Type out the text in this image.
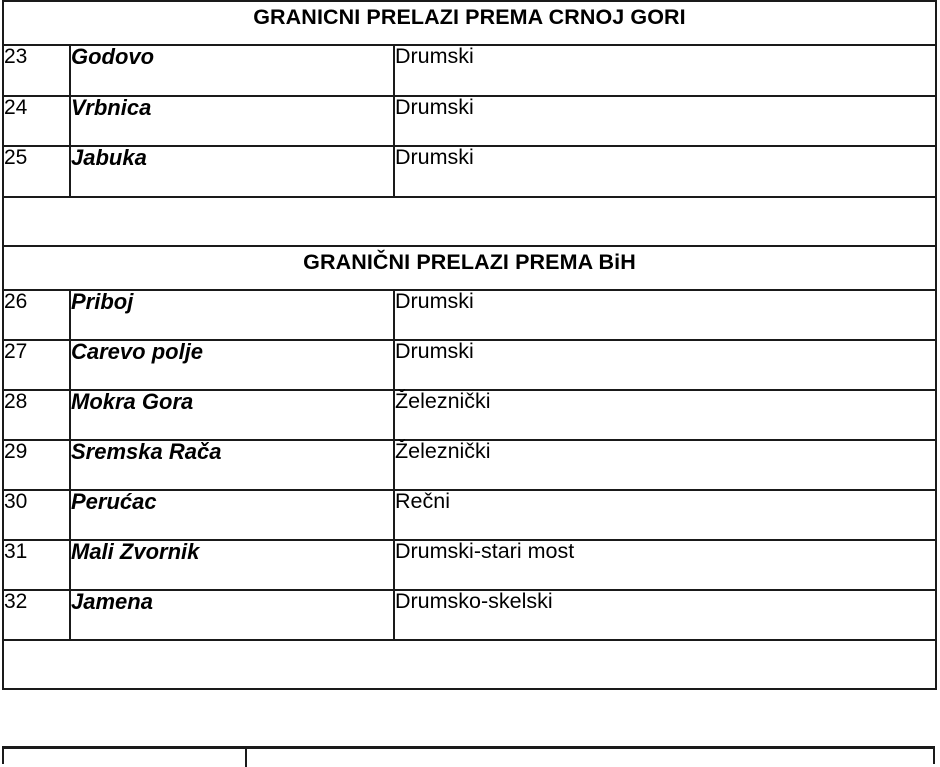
GRANICNI PRELAZI PREMA CRNOJ GORI		

23	Godovo	Drumski
24	Vrbnica	Drumski
25	Jabuka	Drumski

GRANIČNI PRELAZI PREMA BiH		

26	Priboj	Drumski
27	Carevo polje	Drumski
28	Mokra Gora	Železnički
29	Sremska Rača	Železnički
30	Perućac	Rečni
31	Mali Zvornik	Drumski-stari most
32	Jamena	Drumsko-skelski
